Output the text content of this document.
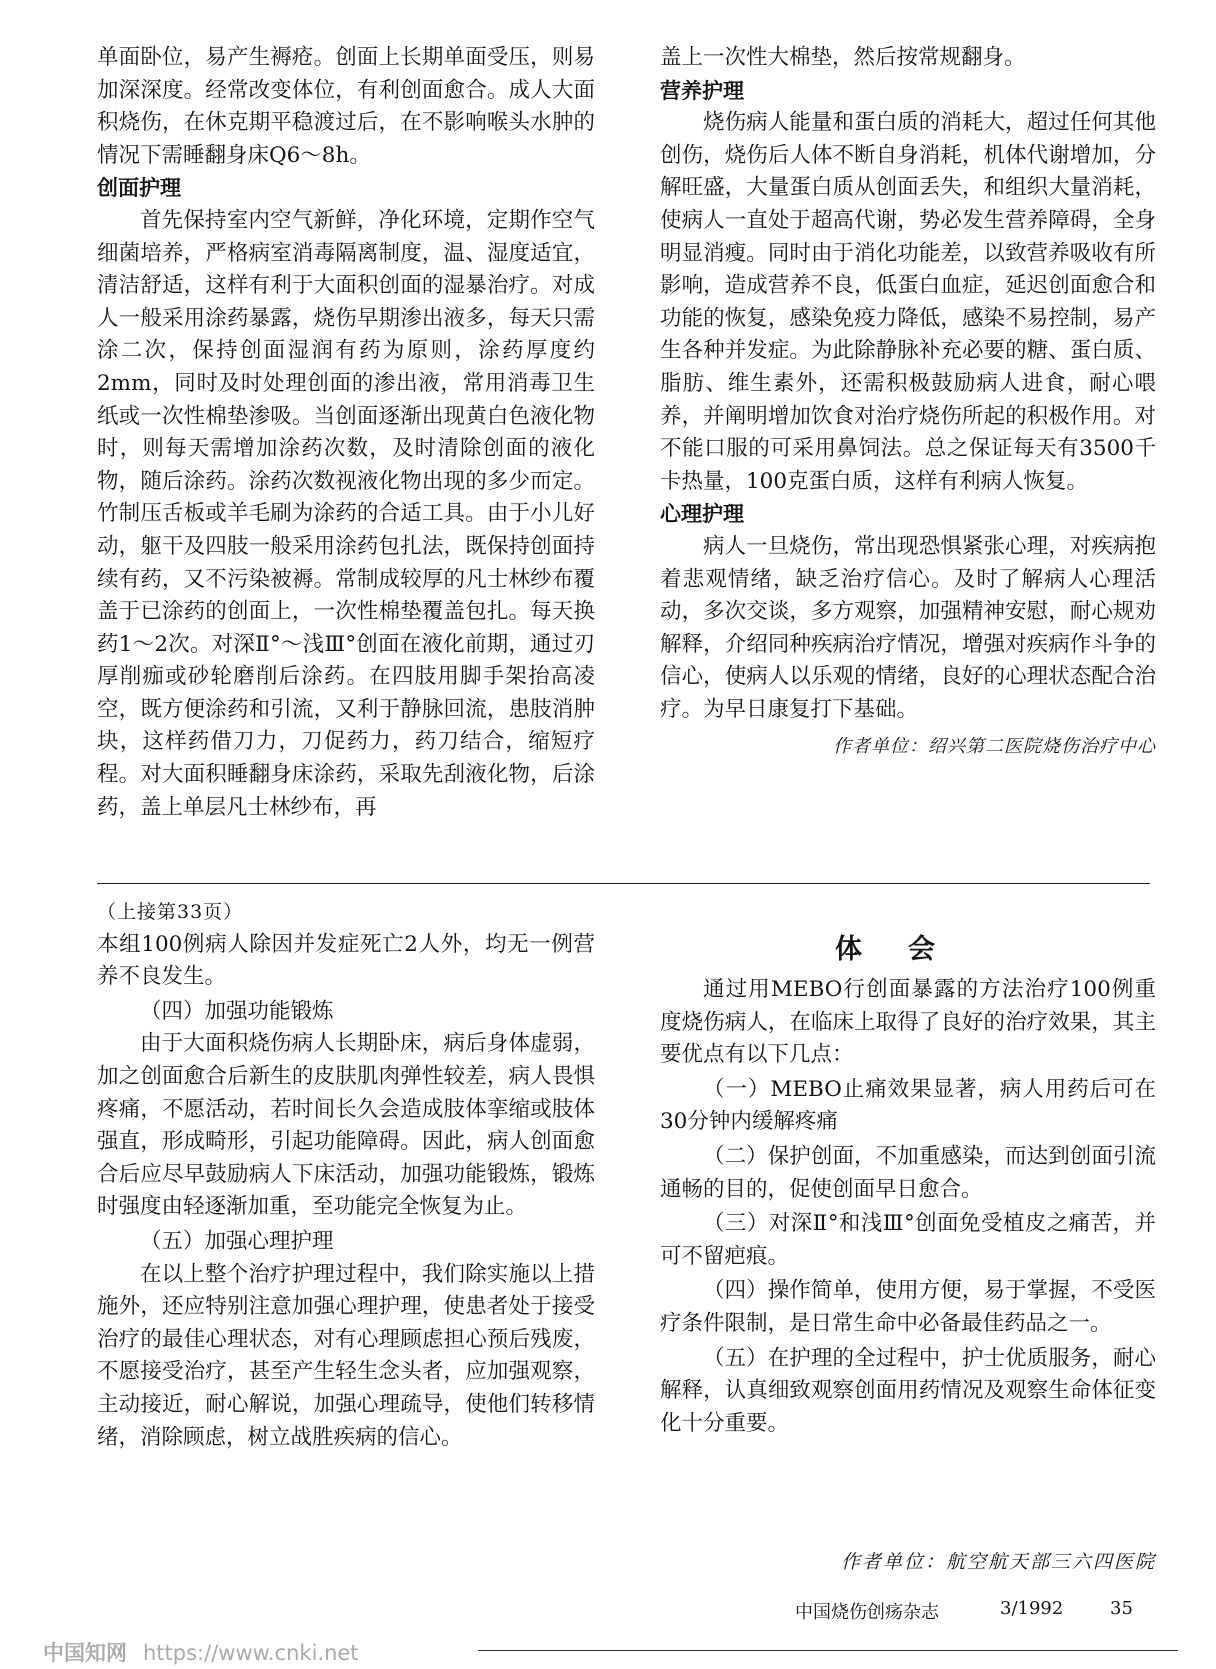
单面卧位，易产生褥疮。创面上长期单面受压，则易加深深度。经常改变体位，有利创面愈合。成人大面积烧伤，在休克期平稳渡过后，在不影响喉头水肿的情况下需睡翻身床Q6～8h。

创面护理

首先保持室内空气新鲜，净化环境，定期作空气细菌培养，严格病室消毒隔离制度，温、湿度适宜，清洁舒适，这样有利于大面积创面的湿暴治疗。对成人一般采用涂药暴露，烧伤早期渗出液多，每天只需涂二次，保持创面湿润有药为原则，涂药厚度约2mm，同时及时处理创面的渗出液，常用消毒卫生纸或一次性棉垫渗吸。当创面逐渐出现黄白色液化物时，则每天需增加涂药次数，及时清除创面的液化物，随后涂药。涂药次数视液化物出现的多少而定。竹制压舌板或羊毛刷为涂药的合适工具。由于小儿好动，躯干及四肢一般采用涂药包扎法，既保持创面持续有药，又不污染被褥。常制成较厚的凡士林纱布覆盖于已涂药的创面上，一次性棉垫覆盖包扎。每天换药1～2次。对深Ⅱ°～浅Ⅲ°创面在液化前期，通过刃厚削痂或砂轮磨削后涂药。在四肢用脚手架抬高凌空，既方便涂药和引流，又利于静脉回流，患肢消肿块，这样药借刀力，刀促药力，药刀结合，缩短疗程。对大面积睡翻身床涂药，采取先刮液化物，后涂药，盖上单层凡士林纱布，再

盖上一次性大棉垫，然后按常规翻身。

营养护理

烧伤病人能量和蛋白质的消耗大，超过任何其他创伤，烧伤后人体不断自身消耗，机体代谢增加，分解旺盛，大量蛋白质从创面丢失，和组织大量消耗，使病人一直处于超高代谢，势必发生营养障碍，全身明显消瘦。同时由于消化功能差，以致营养吸收有所影响，造成营养不良，低蛋白血症，延迟创面愈合和功能的恢复，感染免疫力降低，感染不易控制，易产生各种并发症。为此除静脉补充必要的糖、蛋白质、脂肪、维生素外，还需积极鼓励病人进食，耐心喂养，并阐明增加饮食对治疗烧伤所起的积极作用。对不能口服的可采用鼻饲法。总之保证每天有3500千卡热量，100克蛋白质，这样有利病人恢复。

心理护理

病人一旦烧伤，常出现恐惧紧张心理，对疾病抱着悲观情绪，缺乏治疗信心。及时了解病人心理活动，多次交谈，多方观察，加强精神安慰，耐心规劝解释，介绍同种疾病治疗情况，增强对疾病作斗争的信心，使病人以乐观的情绪，良好的心理状态配合治疗。为早日康复打下基础。

作者单位：绍兴第二医院烧伤治疗中心

（上接第33页）

本组100例病人除因并发症死亡2人外，均无一例营养不良发生。

（四）加强功能锻炼

由于大面积烧伤病人长期卧床，病后身体虚弱，加之创面愈合后新生的皮肤肌肉弹性较差，病人畏惧疼痛，不愿活动，若时间长久会造成肢体挛缩或肢体强直，形成畸形，引起功能障碍。因此，病人创面愈合后应尽早鼓励病人下床活动，加强功能锻炼，锻炼时强度由轻逐渐加重，至功能完全恢复为止。

（五）加强心理护理

在以上整个治疗护理过程中，我们除实施以上措施外，还应特别注意加强心理护理，使患者处于接受治疗的最佳心理状态，对有心理顾虑担心预后残废，不愿接受治疗，甚至产生轻生念头者，应加强观察，主动接近，耐心解说，加强心理疏导，使他们转移情绪，消除顾虑，树立战胜疾病的信心。

体会

通过用MEBO行创面暴露的方法治疗100例重度烧伤病人，在临床上取得了良好的治疗效果，其主要优点有以下几点：

（一）MEBO止痛效果显著，病人用药后可在30分钟内缓解疼痛

（二）保护创面，不加重感染，而达到创面引流通畅的目的，促使创面早日愈合。

（三）对深Ⅱ°和浅Ⅲ°创面免受植皮之痛苦，并可不留疤痕。

（四）操作简单，使用方便，易于掌握，不受医疗条件限制，是日常生命中必备最佳药品之一。

（五）在护理的全过程中，护士优质服务，耐心解释，认真细致观察创面用药情况及观察生命体征变化十分重要。

作者单位：航空航天部三六四医院
中国烧伤创疡杂志	3/1992	35
中国知网 https://www.cnki.net
